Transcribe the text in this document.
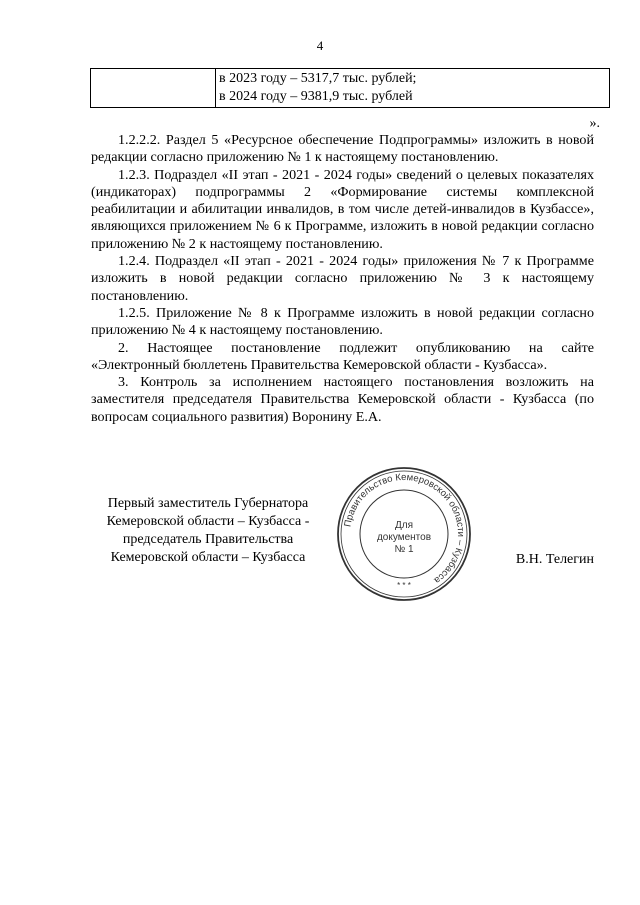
4

в 2023 году – 5317,7 тыс. рублей;
в 2024 году – 9381,9 тыс. рублей
».

1.2.2.2. Раздел 5 «Ресурсное обеспечение Подпрограммы» изложить в новой редакции согласно приложению № 1 к настоящему постановлению.

1.2.3. Подраздел «II этап - 2021 - 2024 годы» сведений о целевых показателях (индикаторах) подпрограммы 2 «Формирование системы комплексной реабилитации и абилитации инвалидов, в том числе детей-инвалидов в Кузбассе», являющихся приложением № 6 к Программе, изложить в новой редакции согласно приложению № 2 к настоящему постановлению.

1.2.4. Подраздел «II этап - 2021 - 2024 годы» приложения № 7 к Программе изложить в новой редакции согласно приложению № 3 к настоящему постановлению.

1.2.5. Приложение № 8 к Программе изложить в новой редакции согласно приложению № 4 к настоящему постановлению.

2. Настоящее постановление подлежит опубликованию на сайте «Электронный бюллетень Правительства Кемеровской области - Кузбасса».

3. Контроль за исполнением настоящего постановления возложить на заместителя председателя Правительства Кемеровской области - Кузбасса (по вопросам социального развития) Воронину Е.А.

Первый заместитель Губернатора
Кемеровской области – Кузбасса -
председатель Правительства
Кемеровской области – Кузбасса
Правительство Кемеровской области – Кузбасса
* * *
Для
документов
№ 1
В.Н. Телегин
